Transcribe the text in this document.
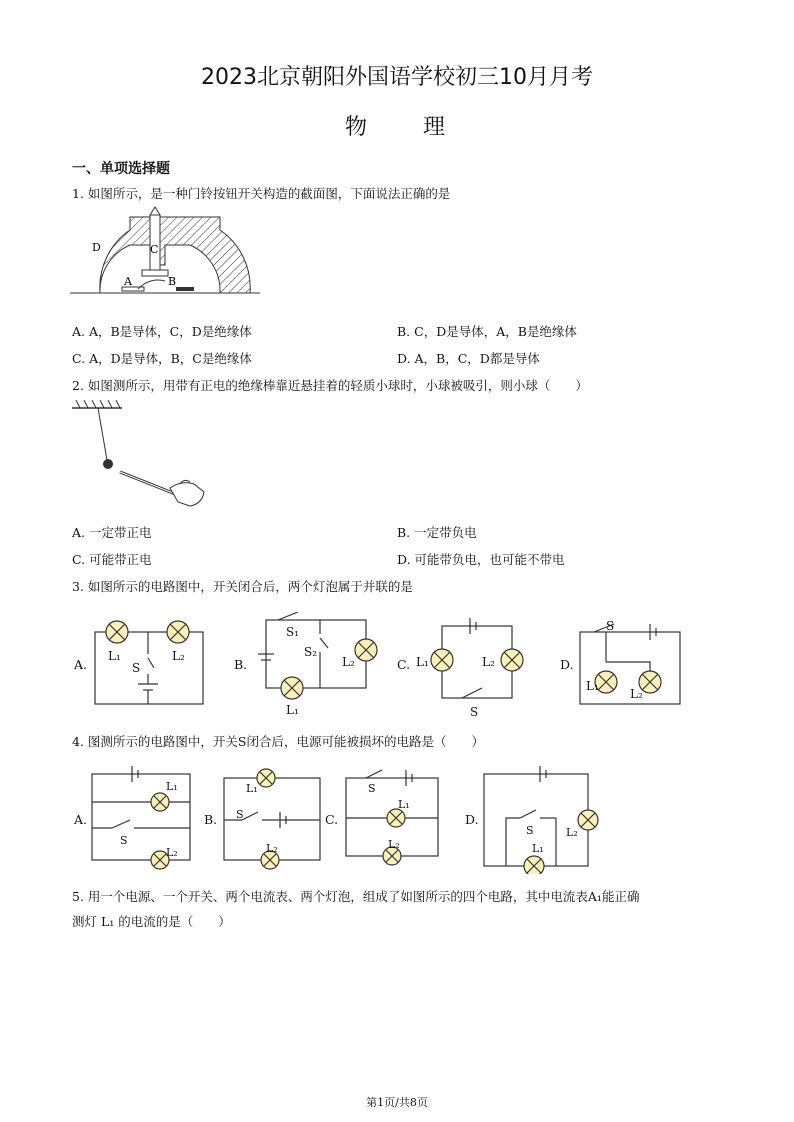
2023北京朝阳外国语学校初三10月月考
物　　理
一、单项选择题
1. 如图所示，是一种门铃按钮开关构造的截面图，下面说法正确的是
D	C
A	B
A. A，B是导体，C，D是绝缘体	B. C，D是导体，A，B是绝缘体
C. A，D是导体，B，C是绝缘体	D. A，B，C，D都是导体
2. 如图测所示，用带有正电的绝缘棒靠近悬挂着的轻质小球时，小球被吸引，则小球（　　）
A. 一定带正电	B. 一定带负电
C. 可能带正电	D. 可能带负电，也可能不带电
3. 如图所示的电路图中，开关闭合后，两个灯泡属于并联的是
A.	B.	C.	D.
L₁	L₂
S
S₁
S₂
L₂
L₁
L₁	L₂
S
S
L₁
L₂
4. 图测所示的电路图中，开关S闭合后，电源可能被损坏的电路是（　　）
A.	B.	C.	D.
L₁
S
L₂
L₁
S
L₂
S
L₁
L₂
S	L₂
L₁
5. 用一个电源、一个开关、两个电流表、两个灯泡，组成了如图所示的四个电路，其中电流表A₁能正确
测灯 L₁ 的电流的是（　　）
第1页/共8页
